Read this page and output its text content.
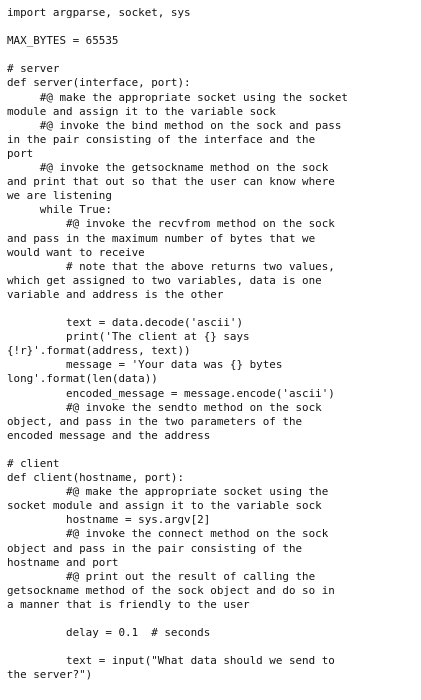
import argparse, socket, sys
MAX_BYTES = 65535
# server
def server(interface, port):
#@ make the appropriate socket using the socket
module and assign it to the variable sock
#@ invoke the bind method on the sock and pass
in the pair consisting of the interface and the
port
#@ invoke the getsockname method on the sock
and print that out so that the user can know where
we are listening
while True:
#@ invoke the recvfrom method on the sock
and pass in the maximum number of bytes that we
would want to receive
# note that the above returns two values,
which get assigned to two variables, data is one
variable and address is the other
text = data.decode('ascii')
print('The client at {} says
{!r}'.format(address, text))
message = 'Your data was {} bytes
long'.format(len(data))
encoded_message = message.encode('ascii')
#@ invoke the sendto method on the sock
object, and pass in the two parameters of the
encoded message and the address
# client
def client(hostname, port):
#@ make the appropriate socket using the
socket module and assign it to the variable sock
hostname = sys.argv[2]
#@ invoke the connect method on the sock
object and pass in the pair consisting of the
hostname and port
#@ print out the result of calling the
getsockname method of the sock object and do so in
a manner that is friendly to the user
delay = 0.1  # seconds
text = input("What data should we send to
the server?")
